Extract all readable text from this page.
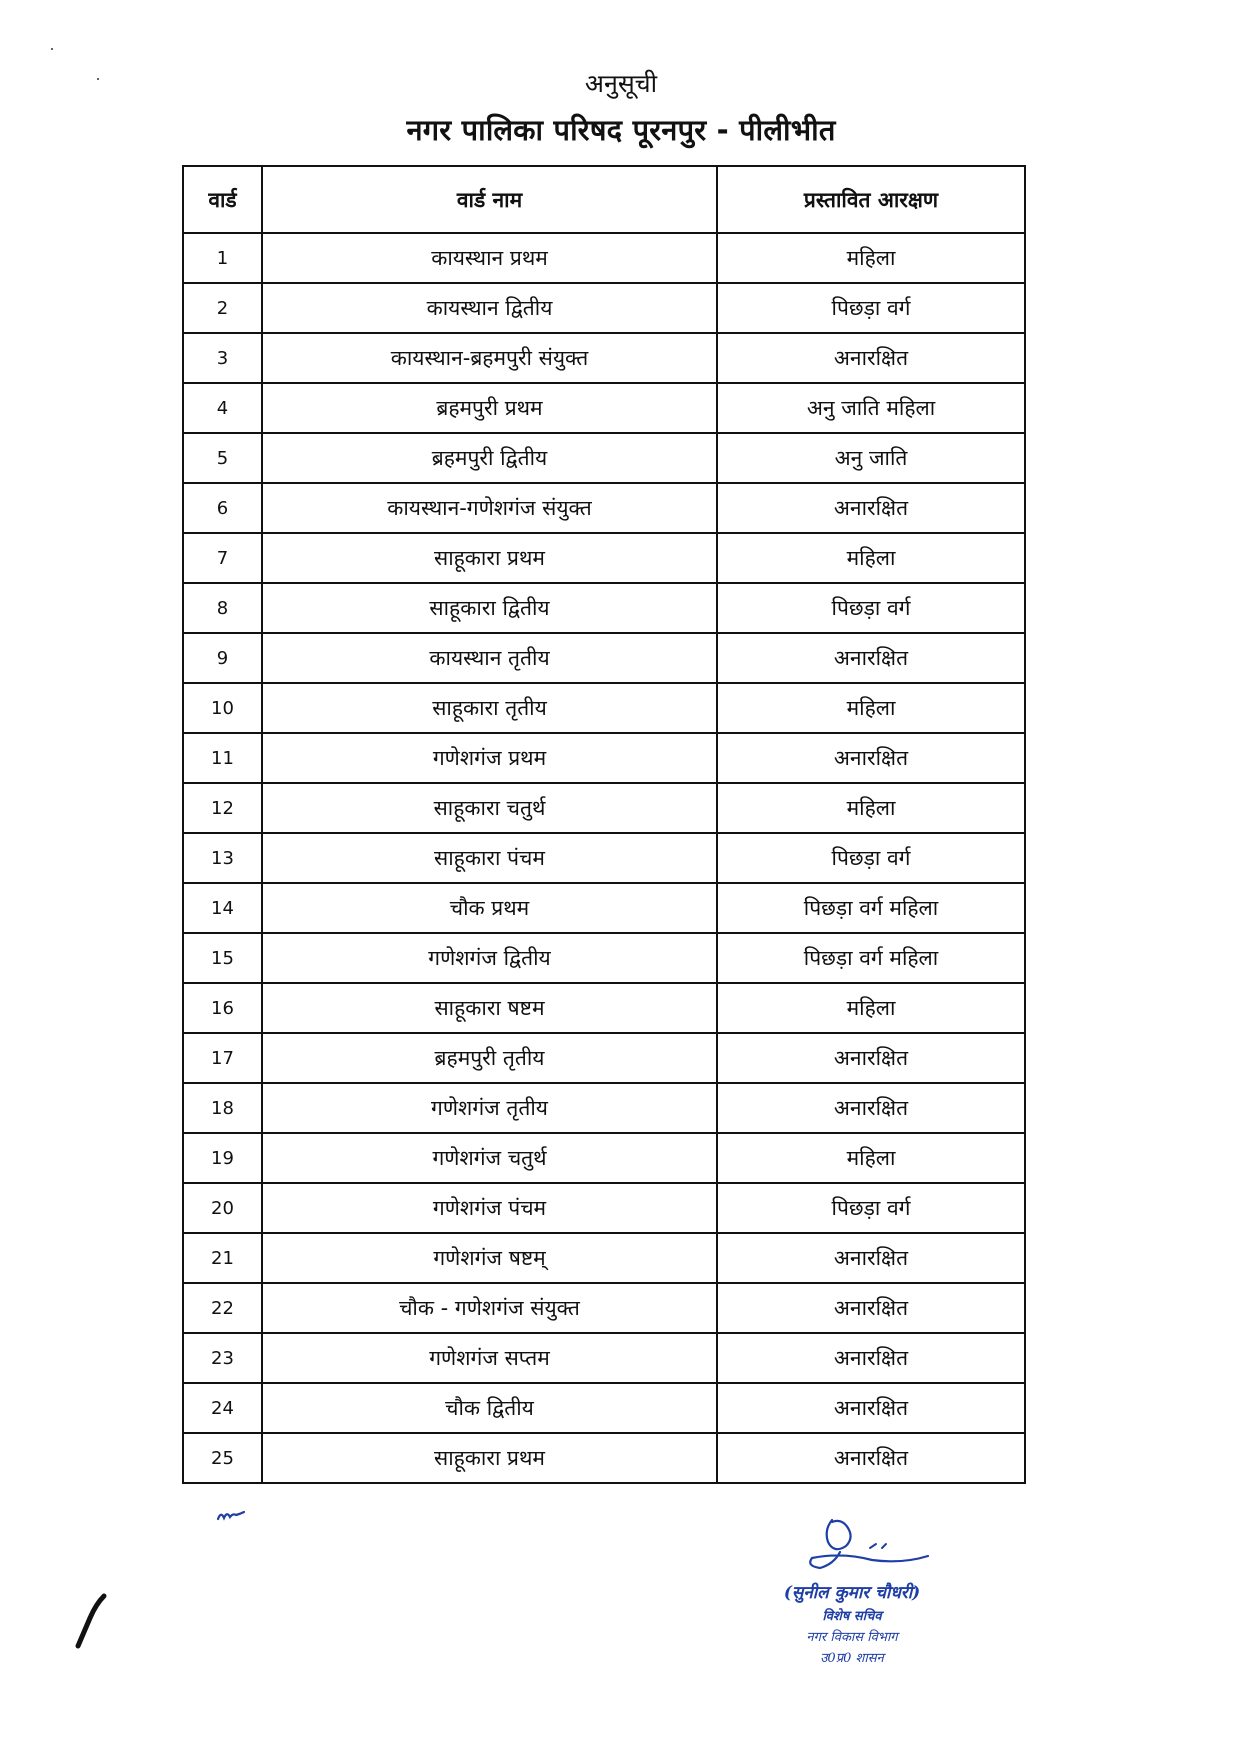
अनुसूची
नगर पालिका परिषद पूरनपुर - पीलीभीत
वार्ड	वार्ड नाम	प्रस्तावित आरक्षण
1	कायस्थान प्रथम	महिला
2	कायस्थान द्वितीय	पिछड़ा वर्ग
3	कायस्थान-ब्रहमपुरी संयुक्त	अनारक्षित
4	ब्रहमपुरी प्रथम	अनु जाति महिला
5	ब्रहमपुरी द्वितीय	अनु जाति
6	कायस्थान-गणेशगंज संयुक्त	अनारक्षित
7	साहूकारा प्रथम	महिला
8	साहूकारा द्वितीय	पिछड़ा वर्ग
9	कायस्थान तृतीय	अनारक्षित
10	साहूकारा तृतीय	महिला
11	गणेशगंज प्रथम	अनारक्षित
12	साहूकारा चतुर्थ	महिला
13	साहूकारा पंचम	पिछड़ा वर्ग
14	चौक प्रथम	पिछड़ा वर्ग महिला
15	गणेशगंज द्वितीय	पिछड़ा वर्ग महिला
16	साहूकारा षष्टम	महिला
17	ब्रहमपुरी तृतीय	अनारक्षित
18	गणेशगंज तृतीय	अनारक्षित
19	गणेशगंज चतुर्थ	महिला
20	गणेशगंज पंचम	पिछड़ा वर्ग
21	गणेशगंज षष्टम्	अनारक्षित
22	चौक - गणेशगंज संयुक्त	अनारक्षित
23	गणेशगंज सप्तम	अनारक्षित
24	चौक द्वितीय	अनारक्षित
25	साहूकारा प्रथम	अनारक्षित
(सुनील कुमार चौधरी)
विशेष सचिव
नगर विकास विभाग
उ0प्र0 शासन
